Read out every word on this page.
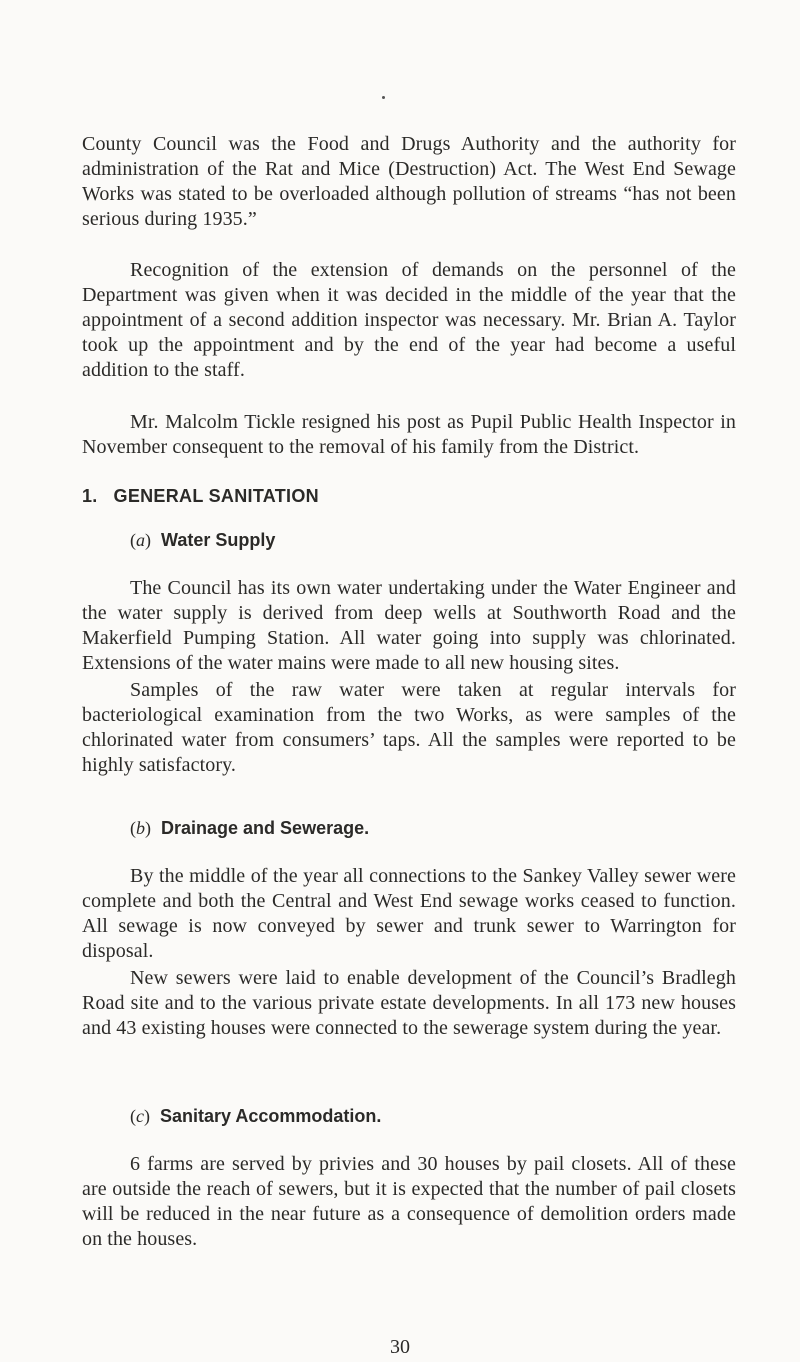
County Council was the Food and Drugs Authority and the authority for administration of the Rat and Mice (Destruction) Act. The West End Sewage Works was stated to be overloaded although pollution of streams “has not been serious during 1935.”

Recognition of the extension of demands on the personnel of the Department was given when it was decided in the middle of the year that the appointment of a second addition inspector was necessary. Mr. Brian A. Taylor took up the appointment and by the end of the year had become a useful addition to the staff.

Mr. Malcolm Tickle resigned his post as Pupil Public Health Inspector in November consequent to the removal of his family from the District.

1. GENERAL SANITATION
(a) Water Supply

The Council has its own water undertaking under the Water Engineer and the water supply is derived from deep wells at Southworth Road and the Makerfield Pumping Station. All water going into supply was chlorinated. Extensions of the water mains were made to all new housing sites.

Samples of the raw water were taken at regular intervals for bacteriological examination from the two Works, as were samples of the chlorinated water from consumers’ taps. All the samples were reported to be highly satisfactory.

(b) Drainage and Sewerage.

By the middle of the year all connections to the Sankey Valley sewer were complete and both the Central and West End sewage works ceased to function. All sewage is now conveyed by sewer and trunk sewer to Warrington for disposal.

New sewers were laid to enable development of the Council’s Bradlegh Road site and to the various private estate developments. In all 173 new houses and 43 existing houses were connected to the sewerage system during the year.

(c) Sanitary Accommodation.

6 farms are served by privies and 30 houses by pail closets. All of these are outside the reach of sewers, but it is expected that the number of pail closets will be reduced in the near future as a consequence of demolition orders made on the houses.

30
